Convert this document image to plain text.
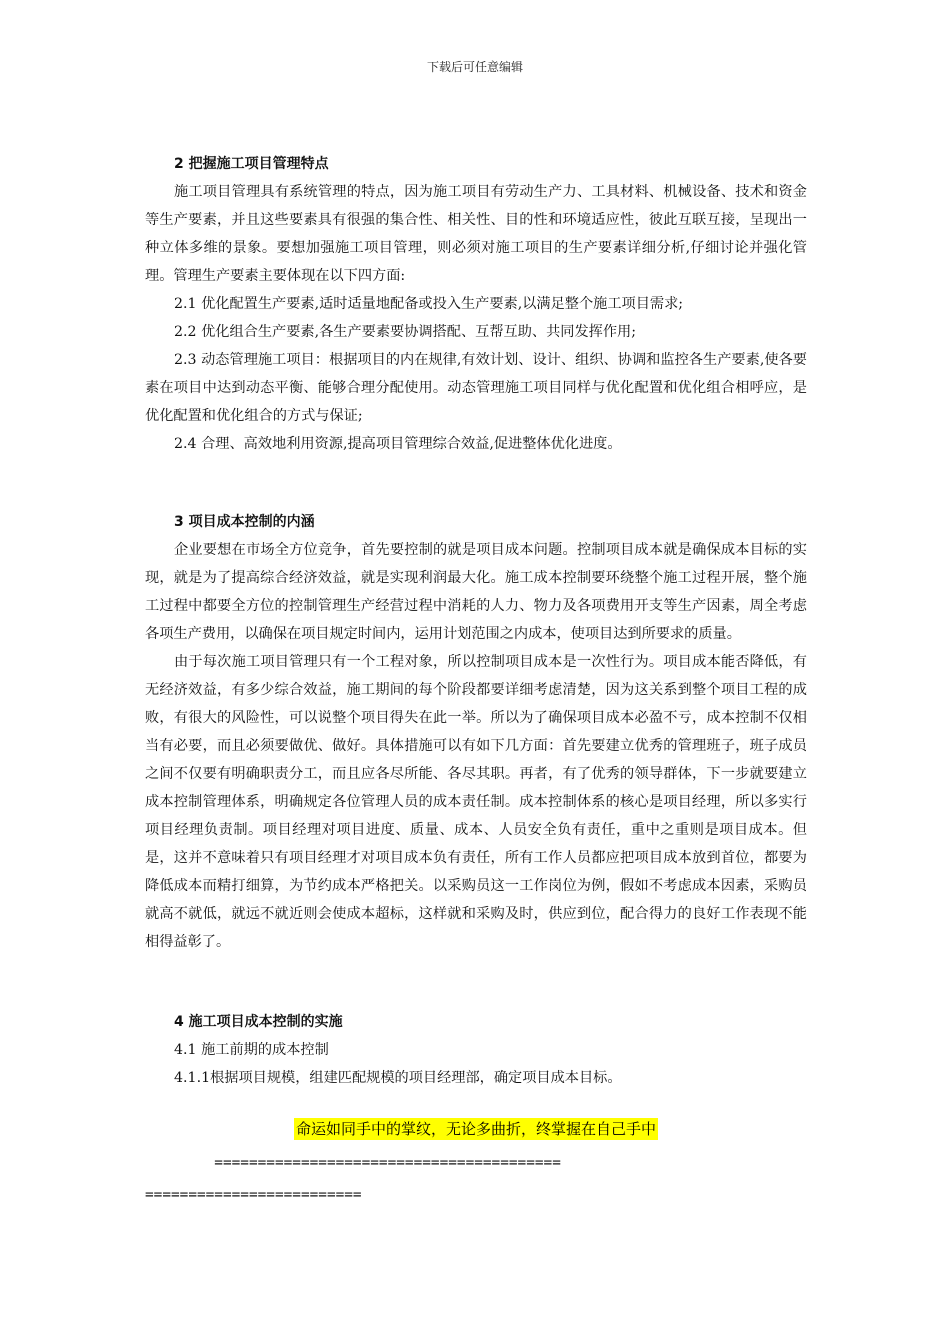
下载后可任意编辑

2 把握施工项目管理特点

施工项目管理具有系统管理的特点，因为施工项目有劳动生产力、工具材料、机械设备、技术和资金等生产要素，并且这些要素具有很强的集合性、相关性、目的性和环境适应性，彼此互联互接，呈现出一种立体多维的景象。要想加强施工项目管理，则必须对施工项目的生产要素详细分析,仔细讨论并强化管理。管理生产要素主要体现在以下四方面:

2.1 优化配置生产要素,适时适量地配备或投入生产要素,以满足整个施工项目需求;

2.2 优化组合生产要素,各生产要素要协调搭配、互帮互助、共同发挥作用;

2.3 动态管理施工项目：根据项目的内在规律,有效计划、设计、组织、协调和监控各生产要素,使各要素在项目中达到动态平衡、能够合理分配使用。动态管理施工项目同样与优化配置和优化组合相呼应，是优化配置和优化组合的方式与保证;

2.4 合理、高效地利用资源,提高项目管理综合效益,促进整体优化进度。

3 项目成本控制的内涵

企业要想在市场全方位竞争，首先要控制的就是项目成本问题。控制项目成本就是确保成本目标的实现，就是为了提高综合经济效益，就是实现利润最大化。施工成本控制要环绕整个施工过程开展，整个施工过程中都要全方位的控制管理生产经营过程中消耗的人力、物力及各项费用开支等生产因素，周全考虑各项生产费用，以确保在项目规定时间内，运用计划范围之内成本，使项目达到所要求的质量。

由于每次施工项目管理只有一个工程对象，所以控制项目成本是一次性行为。项目成本能否降低，有无经济效益，有多少综合效益，施工期间的每个阶段都要详细考虑清楚，因为这关系到整个项目工程的成败，有很大的风险性，可以说整个项目得失在此一举。所以为了确保项目成本必盈不亏，成本控制不仅相当有必要，而且必须要做优、做好。具体措施可以有如下几方面：首先要建立优秀的管理班子，班子成员之间不仅要有明确职责分工，而且应各尽所能、各尽其职。再者，有了优秀的领导群体，下一步就要建立成本控制管理体系，明确规定各位管理人员的成本责任制。成本控制体系的核心是项目经理，所以多实行项目经理负责制。项目经理对项目进度、质量、成本、人员安全负有责任，重中之重则是项目成本。但是，这并不意味着只有项目经理才对项目成本负有责任，所有工作人员都应把项目成本放到首位，都要为降低成本而精打细算，为节约成本严格把关。以采购员这一工作岗位为例，假如不考虑成本因素，采购员就高不就低，就远不就近则会使成本超标，这样就和采购及时，供应到位，配合得力的良好工作表现不能相得益彰了。

4 施工项目成本控制的实施

4.1 施工前期的成本控制

4.1.1根据项目规模，组建匹配规模的项目经理部，确定项目成本目标。

命运如同手中的掌纹，无论多曲折，终掌握在自己手中
========================================
=========================
